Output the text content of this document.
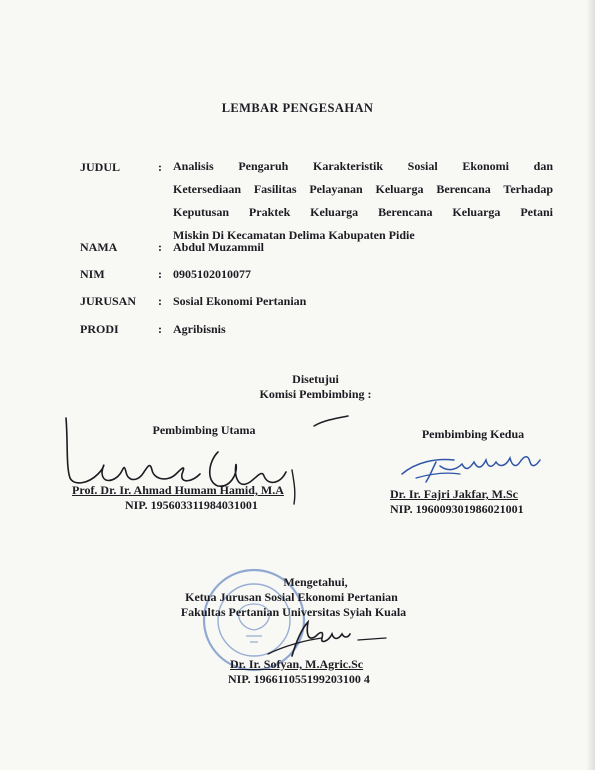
LEMBAR PENGESAHAN
JUDUL	: Analisis Pengaruh Karakteristik Sosial Ekonomi dan
Ketersediaan Fasilitas Pelayanan Keluarga Berencana Terhadap
Keputusan Praktek Keluarga Berencana Keluarga Petani
Miskin Di Kecamatan Delima Kabupaten Pidie
NAMA	: Abdul Muzammil
NIM	: 0905102010077
JURUSAN	: Sosial Ekonomi Pertanian
PRODI	: Agribisnis
Disetujui
Komisi Pembimbing :
Pembimbing Utama
Prof. Dr. Ir. Ahmad Humam Hamid, M.A
NIP. 195603311984031001
Pembimbing Kedua
Dr. Ir. Fajri Jakfar, M.Sc
NIP. 196009301986021001
Mengetahui,
Ketua Jurusan Sosial Ekonomi Pertanian
Fakultas Pertanian Universitas Syiah Kuala
Dr. Ir. Sofyan, M.Agric.Sc
NIP. 196611055199203100 4
